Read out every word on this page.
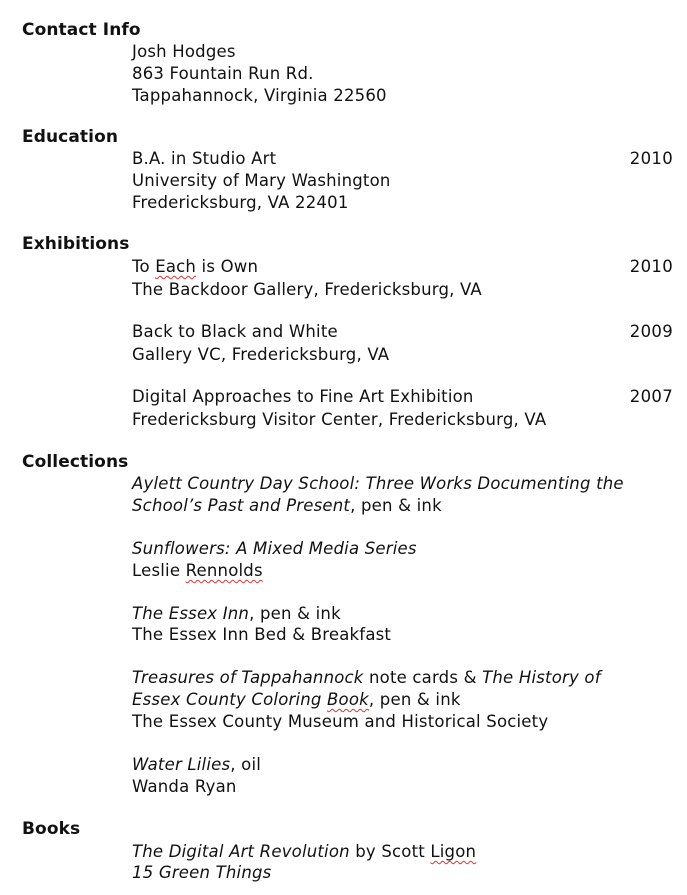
Contact Info

Josh Hodges

863 Fountain Run Rd.

Tappahannock, Virginia 22560

Education

B.A. in Studio Art	2010

University of Mary Washington

Fredericksburg, VA 22401

Exhibitions

To Each is Own	2010

The Backdoor Gallery, Fredericksburg, VA

Back to Black and White	2009

Gallery VC, Fredericksburg, VA

Digital Approaches to Fine Art Exhibition	2007

Fredericksburg Visitor Center, Fredericksburg, VA

Collections

Aylett Country Day School: Three Works Documenting the

School’s Past and Present, pen & ink

Sunflowers: A Mixed Media Series

Leslie Rennolds

The Essex Inn, pen & ink

The Essex Inn Bed & Breakfast

Treasures of Tappahannock note cards & The History of

Essex County Coloring Book, pen & ink

The Essex County Museum and Historical Society

Water Lilies, oil

Wanda Ryan

Books

The Digital Art Revolution by Scott Ligon

15 Green Things
